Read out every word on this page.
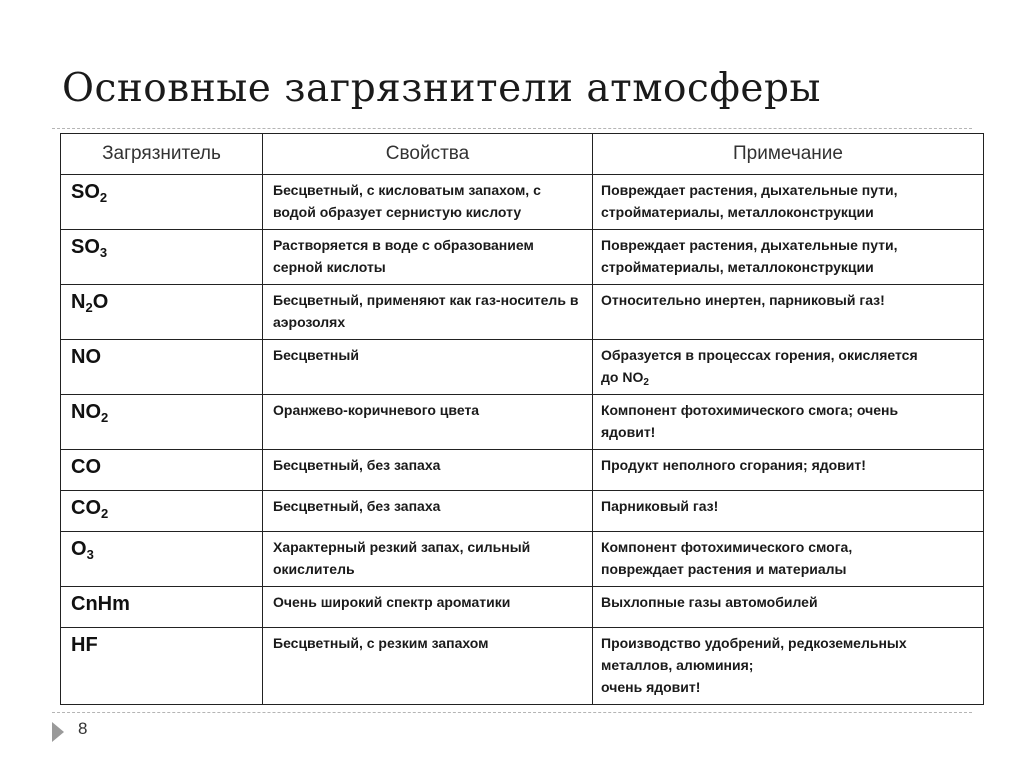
Основные загрязнители атмосферы
Загрязнитель	Свойства	Примечание
$SO_2$	Бесцветный, с кисловатым запахом, с водой образует сернистую кислоту	Повреждает растения, дыхательные пути,
стройматериалы, металлоконструкции

$SO_3$	Растворяется в воде с образованием серной кислоты	Повреждает растения, дыхательные пути,
стройматериалы, металлоконструкции

$N_2O$	Бесцветный, применяют как газ-носитель в аэрозолях	Относительно инертен, парниковый газ!

NO	Бесцветный	Образуется в процессах горения, окисляется
до $NO_2$

$NO_2$	Оранжево-коричневого цвета	Компонент фотохимического смога; очень
ядовит!

CO	Бесцветный, без запаха	Продукт неполного сгорания; ядовит!

$CO_2$	Бесцветный, без запаха	Парниковый газ!

$O_3$	Характерный резкий запах, сильный окислитель	Компонент фотохимического смога,
повреждает растения и материалы

CnHm	Очень широкий спектр ароматики	Выхлопные газы автомобилей

HF	Бесцветный, с резким запахом	Производство удобрений, редкоземельных
металлов, алюминия;
очень ядовит!
8
